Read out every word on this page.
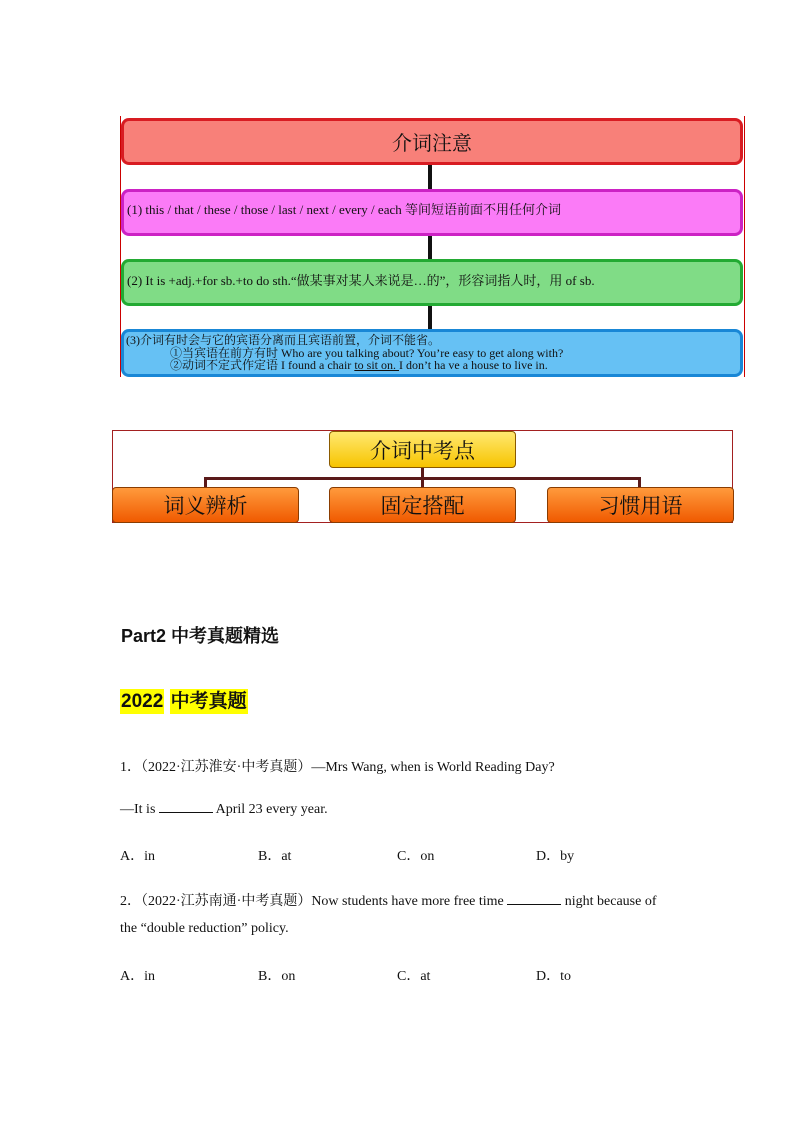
介词注意
(1) this / that / these / those / last / next / every / each 等间短语前面不用任何介词
(2) It is +adj.+for sb.+to do sth.“做某事对某人来说是…的”，形容词指人时，用 of sb.
(3)介词有时会与它的宾语分离而且宾语前置，介词不能省。
①当宾语在前方有时 Who are you talking about? You’re easy to get along with?
②动词不定式作定语 I found a chair to sit on. I don’t ha ve a house to live in.
介词中考点
词义辨析	固定搭配	习惯用语
Part2 中考真题精选
2022 中考真题
1．（2022·江苏淮安·中考真题）—Mrs Wang, when is World Reading Day?
—It is	April 23 every year.
A．in	B．at	C．on	D．by
2．（2022·江苏南通·中考真题）Now students have more free time	night because of
the “double reduction” policy.
A．in	B．on	C．at	D．to
